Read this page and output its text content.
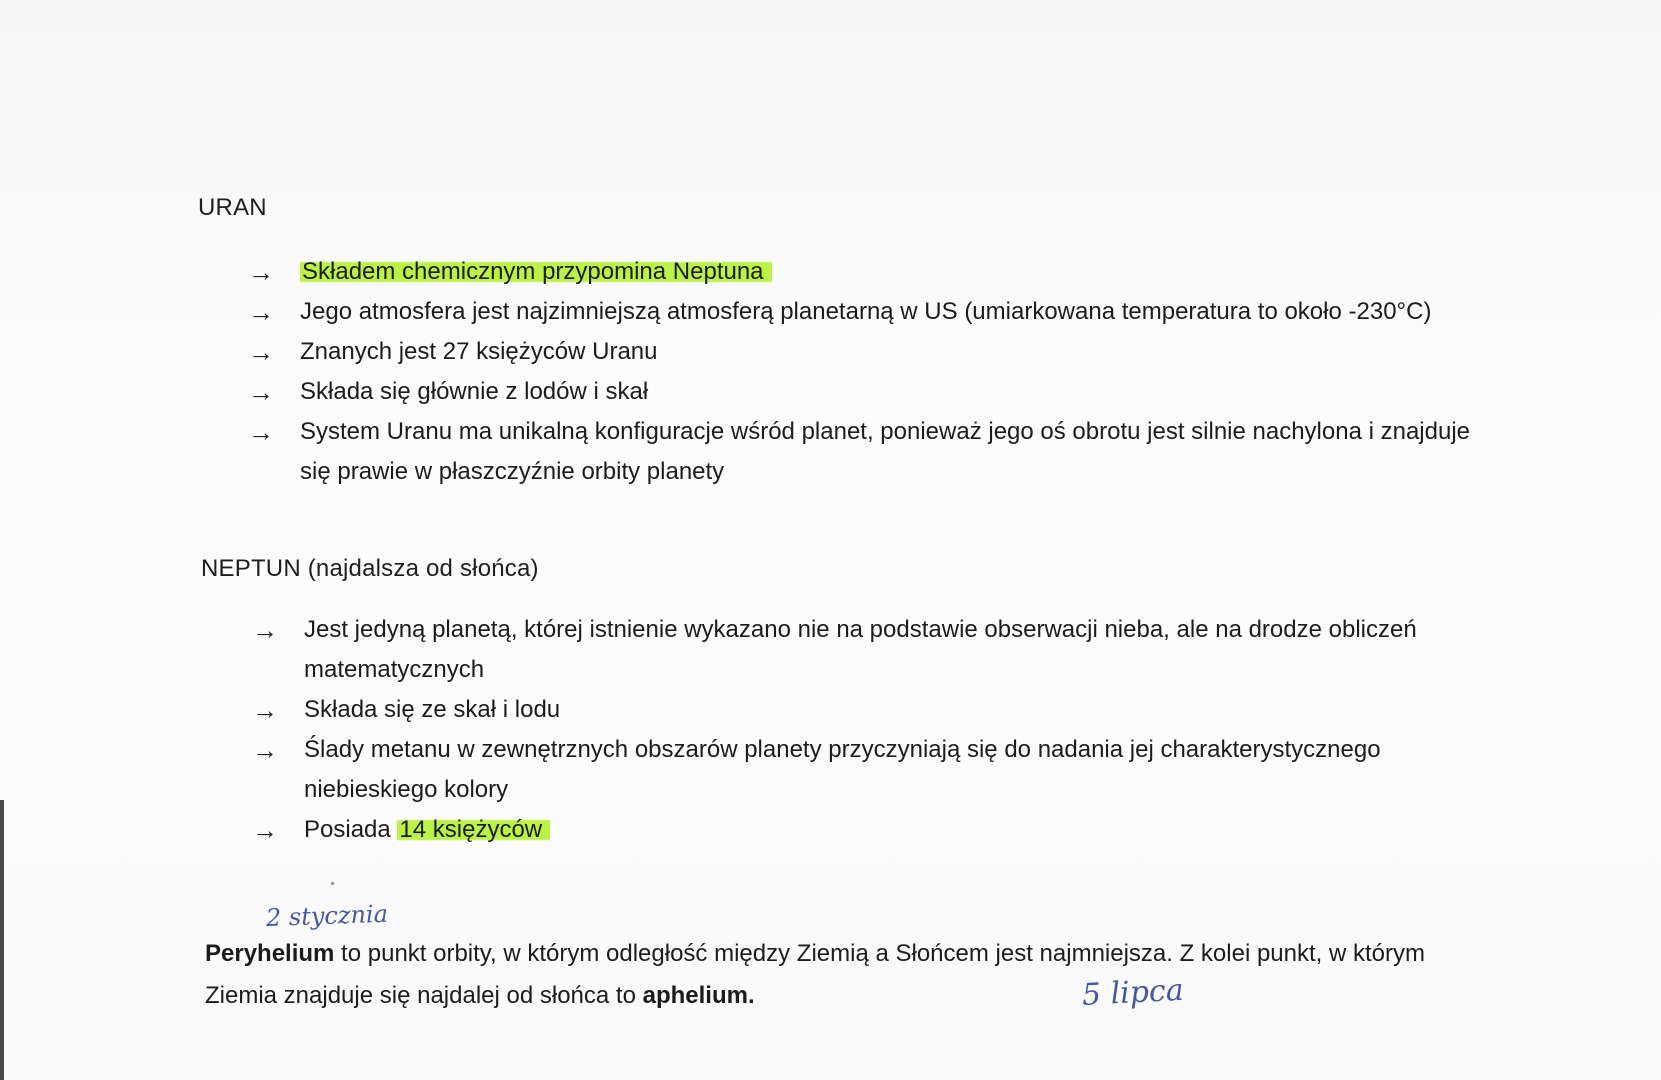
URAN
→ Składem chemicznym przypomina Neptuna
→ Jego atmosfera jest najzimniejszą atmosferą planetarną w US (umiarkowana temperatura to około -230°C)
→ Znanych jest 27 księżyców Uranu
→ Składa się głównie z lodów i skał
→ System Uranu ma unikalną konfiguracje wśród planet, ponieważ jego oś obrotu jest silnie nachylona i znajduje się prawie w płaszczyźnie orbity planety
NEPTUN (najdalsza od słońca)
→ Jest jedyną planetą, której istnienie wykazano nie na podstawie obserwacji nieba, ale na drodze obliczeń matematycznych
→ Składa się ze skał i lodu
→ Ślady metanu w zewnętrznych obszarów planety przyczyniają się do nadania jej charakterystycznego niebieskiego kolory
→ Posiada 14 księżyców
2 stycznia
Peryhelium to punkt orbity, w którym odległość między Ziemią a Słońcem jest najmniejsza. Z kolei punkt, w którym Ziemia znajduje się najdalej od słońca to aphelium.	5 lipca
